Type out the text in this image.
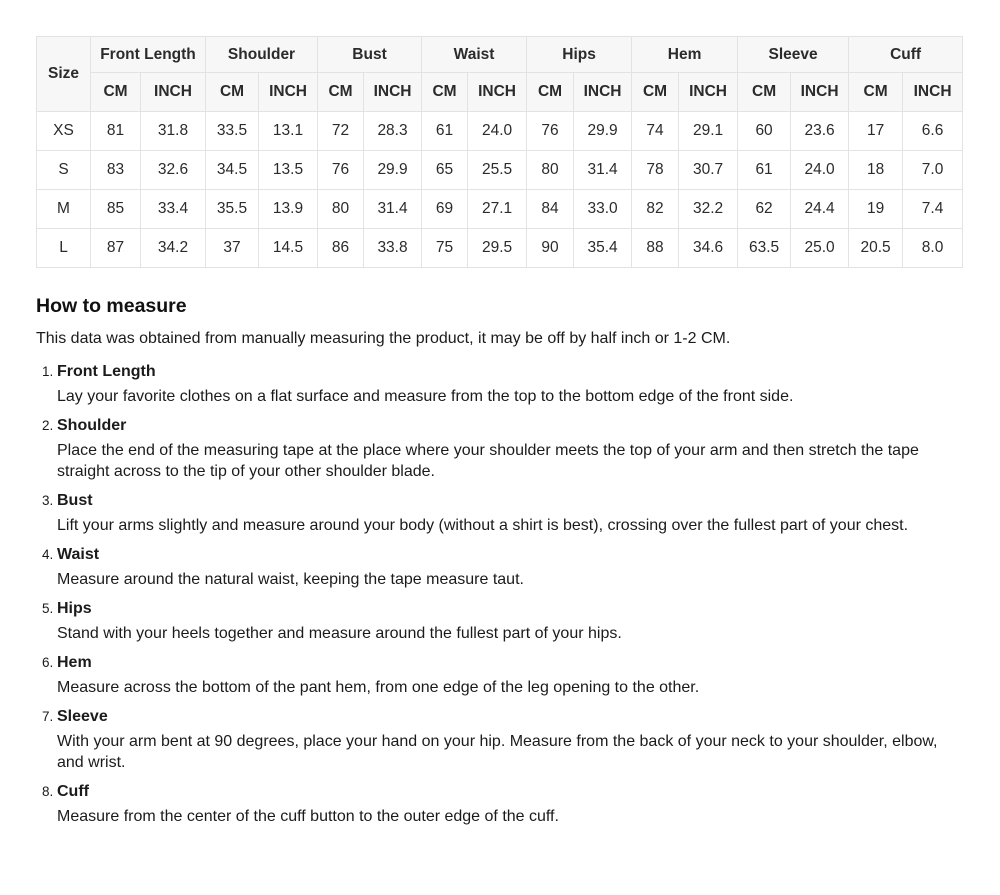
Size	Front Length		Shoulder		Bust		Waist		Hips		Hem		Sleeve		Cuff	
	CM	INCH	CM	INCH	CM	INCH	CM	INCH	CM	INCH	CM	INCH	CM	INCH	CM	INCH
XS	81	31.8	33.5	13.1	72	28.3	61	24.0	76	29.9	74	29.1	60	23.6	17	6.6
S	83	32.6	34.5	13.5	76	29.9	65	25.5	80	31.4	78	30.7	61	24.0	18	7.0
M	85	33.4	35.5	13.9	80	31.4	69	27.1	84	33.0	82	32.2	62	24.4	19	7.4
L	87	34.2	37	14.5	86	33.8	75	29.5	90	35.4	88	34.6	63.5	25.0	20.5	8.0
How to measure

This data was obtained from manually measuring the product, it may be off by half inch or 1-2 CM.

1. Front Length

Lay your favorite clothes on a flat surface and measure from the top to the bottom edge of the front side.

2. Shoulder

Place the end of the measuring tape at the place where your shoulder meets the top of your arm and then stretch the tape straight across to the tip of your other shoulder blade.

3. Bust

Lift your arms slightly and measure around your body (without a shirt is best), crossing over the fullest part of your chest.

4. Waist

Measure around the natural waist, keeping the tape measure taut.

5. Hips

Stand with your heels together and measure around the fullest part of your hips.

6. Hem

Measure across the bottom of the pant hem, from one edge of the leg opening to the other.

7. Sleeve

With your arm bent at 90 degrees, place your hand on your hip. Measure from the back of your neck to your shoulder, elbow, and wrist.

8. Cuff

Measure from the center of the cuff button to the outer edge of the cuff.
